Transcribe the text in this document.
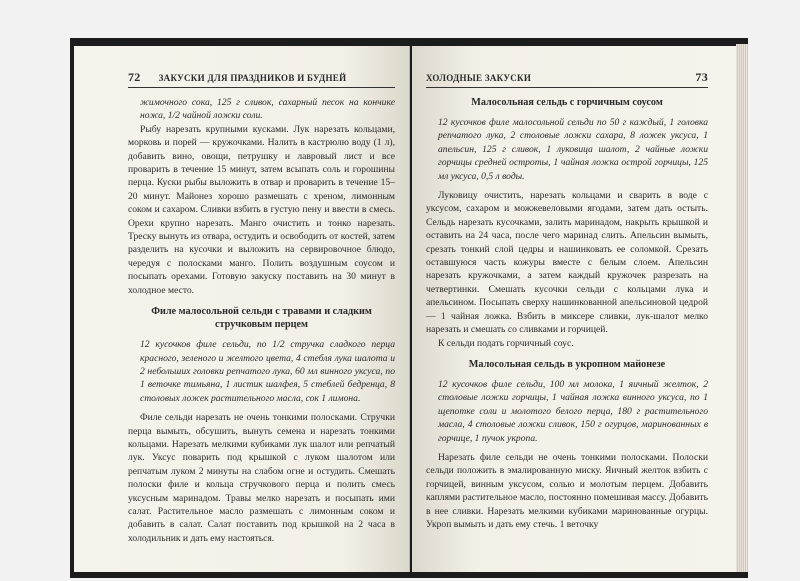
72 ЗАКУСКИ ДЛЯ ПРАЗДНИКОВ И БУДНЕЙ

жимочного сока, 125 г сливок, сахарный песок на кончике ножа, 1/2 чайной ложки соли.

Рыбу нарезать крупными кусками. Лук нарезать кольцами, морковь и порей — кружочками. Налить в кастрюлю воду (1 л), добавить вино, овощи, петрушку и лавровый лист и все проварить в течение 15 минут, затем всыпать соль и горошины перца. Куски рыбы выложить в отвар и проварить в течение 15–20 минут. Майонез хорошо размешать с хреном, лимонным соком и сахаром. Сливки взбить в густую пену и ввести в смесь. Орехи крупно нарезать. Манго очистить и тонко нарезать. Треску вынуть из отвара, остудить и освободить от костей, затем разделить на кусочки и выложить на сервировочное блюдо, чередуя с полосками манго. Полить воздушным соусом и посыпать орехами. Готовую закуску поставить на 30 минут в холодное место.

Филе малосольной сельди с травами и сладким стручковым перцем

12 кусочков филе сельди, по 1/2 стручка сладкого перца красного, зеленого и желтого цвета, 4 стебля лука шалота и 2 небольших головки репчатого лука, 60 мл винного уксуса, по 1 веточке тимьяна, 1 листик шалфея, 5 стеблей бедренца, 8 столовых ложек растительного масла, сок 1 лимона.

Филе сельди нарезать не очень тонкими полосками. Стручки перца вымыть, обсушить, вынуть семена и нарезать тонкими кольцами. Нарезать мелкими кубиками лук шалот или репчатый лук. Уксус поварить под крышкой с луком шалотом или репчатым луком 2 минуты на слабом огне и остудить. Смешать полоски филе и кольца стручкового перца и полить смесь уксусным маринадом. Травы мелко нарезать и посыпать ими салат. Растительное масло размешать с лимонным соком и добавить в салат. Салат поставить под крышкой на 2 часа в холодильник и дать ему настояться.

ХОЛОДНЫЕ ЗАКУСКИ	73
Малосольная сельдь с горчичным соусом

12 кусочков филе малосольной сельди по 50 г каждый, 1 головка репчатого лука, 2 столовые ложки сахара, 8 ложек уксуса, 1 апельсин, 125 г сливок, 1 луковица шалот, 2 чайные ложки горчицы средней остроты, 1 чайная ложка острой горчицы, 125 мл уксуса, 0,5 л воды.

Луковицу очистить, нарезать кольцами и сварить в воде с уксусом, сахаром и можжевеловыми ягодами, затем дать остыть. Сельдь нарезать кусочками, залить маринадом, накрыть крышкой и оставить на 24 часа, после чего маринад слить. Апельсин вымыть, срезать тонкий слой цедры и нашинковать ее соломкой. Срезать оставшуюся часть кожуры вместе с белым слоем. Апельсин нарезать кружочками, а затем каждый кружочек разрезать на четвертинки. Смешать кусочки сельди с кольцами лука и апельсином. Посыпать сверху нашинкованной апельсиновой цедрой — 1 чайная ложка. Взбить в миксере сливки, лук-шалот мелко нарезать и смешать со сливками и горчицей.

К сельди подать горчичный соус.

Малосольная сельдь в укропном майонезе

12 кусочков филе сельди, 100 мл молока, 1 яичный желток, 2 столовые ложки горчицы, 1 чайная ложка винного уксуса, по 1 щепотке соли и молотого белого перца, 180 г растительного масла, 4 столовые ложки сливок, 150 г огурцов, маринованных в горчице, 1 пучок укропа.

Нарезать филе сельди не очень тонкими полосками. Полоски сельди положить в эмалированную миску. Яичный желток взбить с горчицей, винным уксусом, солью и молотым перцем. Добавить каплями растительное масло, постоянно помешивая массу. Добавить в нее сливки. Нарезать мелкими кубиками маринованные огурцы. Укроп вымыть и дать ему стечь. 1 веточку
